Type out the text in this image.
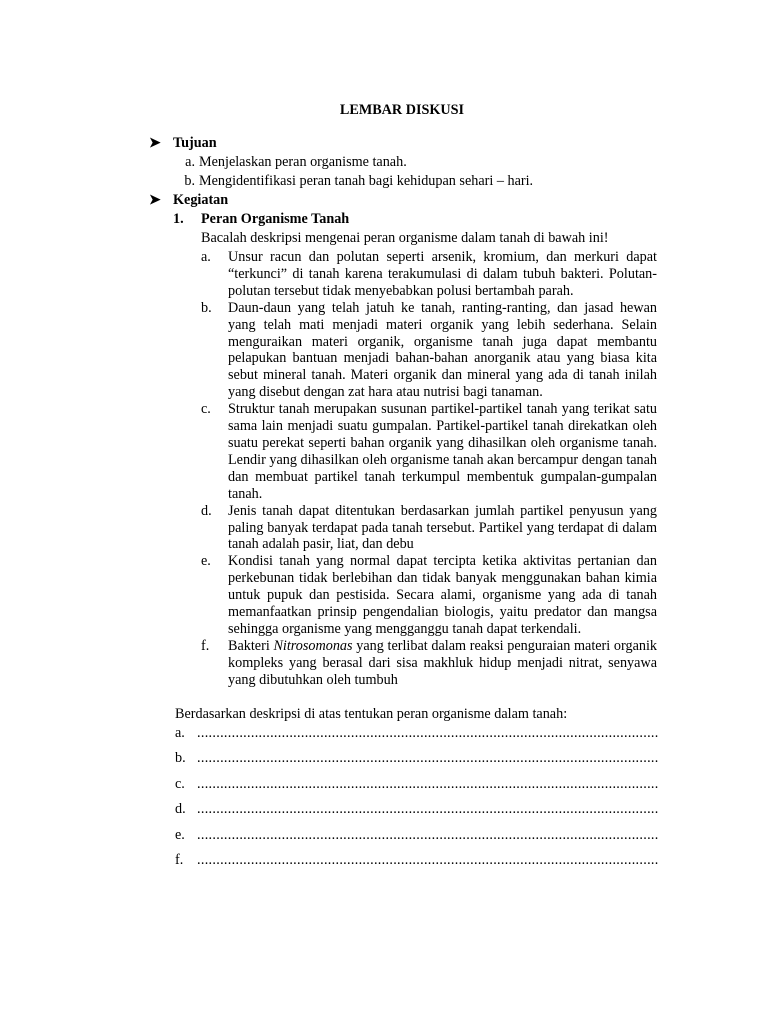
LEMBAR DISKUSI
➤ Tujuan
a. Menjelaskan peran organisme tanah.
b. Mengidentifikasi peran tanah bagi kehidupan sehari – hari.
➤ Kegiatan
1.	Peran Organisme Tanah
Bacalah deskripsi mengenai peran organisme dalam tanah di bawah ini!
a.	Unsur racun dan polutan seperti arsenik, kromium, dan merkuri dapat “terkunci” di tanah karena terakumulasi di dalam tubuh bakteri. Polutan-polutan tersebut tidak menyebabkan polusi bertambah parah.
b.	Daun-daun yang telah jatuh ke tanah, ranting-ranting, dan jasad hewan yang telah mati menjadi materi organik yang lebih sederhana. Selain menguraikan materi organik, organisme tanah juga dapat membantu pelapukan bantuan menjadi bahan-bahan anorganik atau yang biasa kita sebut mineral tanah. Materi organik dan mineral yang ada di tanah inilah yang disebut dengan zat hara atau nutrisi bagi tanaman.
c.	Struktur tanah merupakan susunan partikel-partikel tanah yang terikat satu sama lain menjadi suatu gumpalan. Partikel-partikel tanah direkatkan oleh suatu perekat seperti bahan organik yang dihasilkan oleh organisme tanah. Lendir yang dihasilkan oleh organisme tanah akan bercampur dengan tanah dan membuat partikel tanah terkumpul membentuk gumpalan-gumpalan tanah.
d.	Jenis tanah dapat ditentukan berdasarkan jumlah partikel penyusun yang paling banyak terdapat pada tanah tersebut. Partikel yang terdapat di dalam tanah adalah pasir, liat, dan debu
e.	Kondisi tanah yang normal dapat tercipta ketika aktivitas pertanian dan perkebunan tidak berlebihan dan tidak banyak menggunakan bahan kimia untuk pupuk dan pestisida. Secara alami, organisme yang ada di tanah memanfaatkan prinsip pengendalian biologis, yaitu predator dan mangsa sehingga organisme yang mengganggu tanah dapat terkendali.
f.	Bakteri Nitrosomonas yang terlibat dalam reaksi penguraian materi organik kompleks yang berasal dari sisa makhluk hidup menjadi nitrat, senyawa yang dibutuhkan oleh tumbuh
Berdasarkan deskripsi di atas tentukan peran organisme dalam tanah:
a. ........................................................................................................................
b. ........................................................................................................................
c. ........................................................................................................................
d. ........................................................................................................................
e. ........................................................................................................................
f. ........................................................................................................................
